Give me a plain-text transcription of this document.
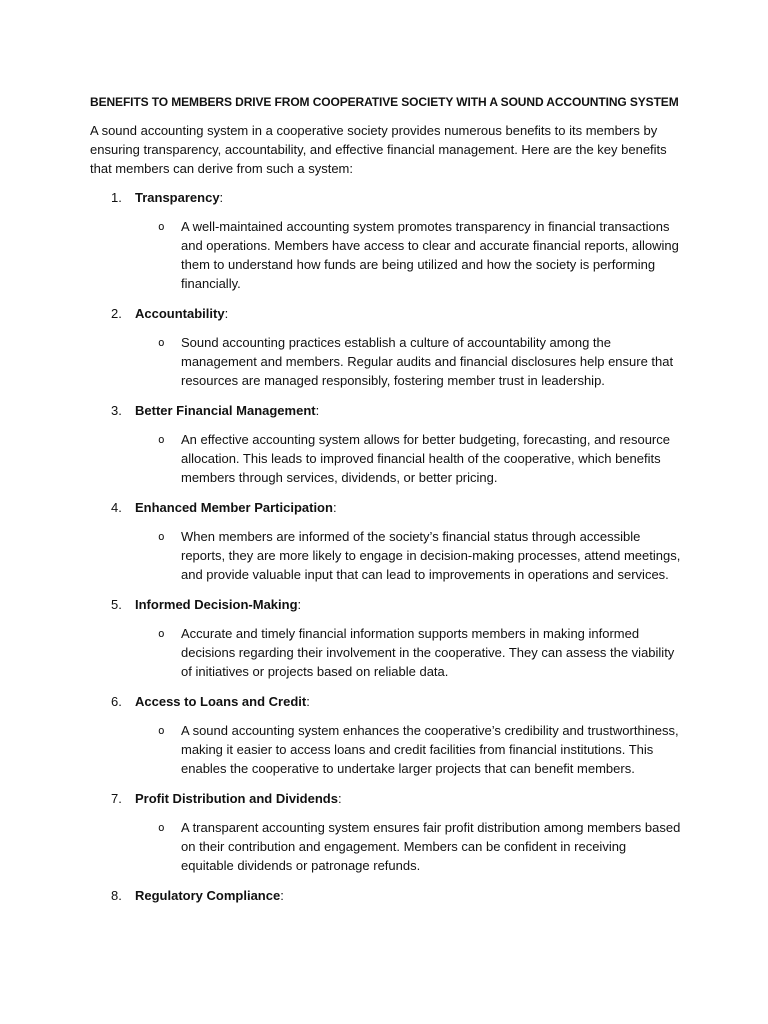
BENEFITS TO MEMBERS DRIVE FROM COOPERATIVE SOCIETY WITH A SOUND ACCOUNTING SYSTEM

A sound accounting system in a cooperative society provides numerous benefits to its members by ensuring transparency, accountability, and effective financial management. Here are the key benefits that members can derive from such a system:

1. Transparency:

o A well-maintained accounting system promotes transparency in financial transactions and operations. Members have access to clear and accurate financial reports, allowing them to understand how funds are being utilized and how the society is performing financially.

2. Accountability:

o Sound accounting practices establish a culture of accountability among the management and members. Regular audits and financial disclosures help ensure that resources are managed responsibly, fostering member trust in leadership.

3. Better Financial Management:

o An effective accounting system allows for better budgeting, forecasting, and resource allocation. This leads to improved financial health of the cooperative, which benefits members through services, dividends, or better pricing.

4. Enhanced Member Participation:

o When members are informed of the society’s financial status through accessible reports, they are more likely to engage in decision-making processes, attend meetings, and provide valuable input that can lead to improvements in operations and services.

5. Informed Decision-Making:

o Accurate and timely financial information supports members in making informed decisions regarding their involvement in the cooperative. They can assess the viability of initiatives or projects based on reliable data.

6. Access to Loans and Credit:

o A sound accounting system enhances the cooperative’s credibility and trustworthiness, making it easier to access loans and credit facilities from financial institutions. This enables the cooperative to undertake larger projects that can benefit members.

7. Profit Distribution and Dividends:

o A transparent accounting system ensures fair profit distribution among members based on their contribution and engagement. Members can be confident in receiving equitable dividends or patronage refunds.

8. Regulatory Compliance:
